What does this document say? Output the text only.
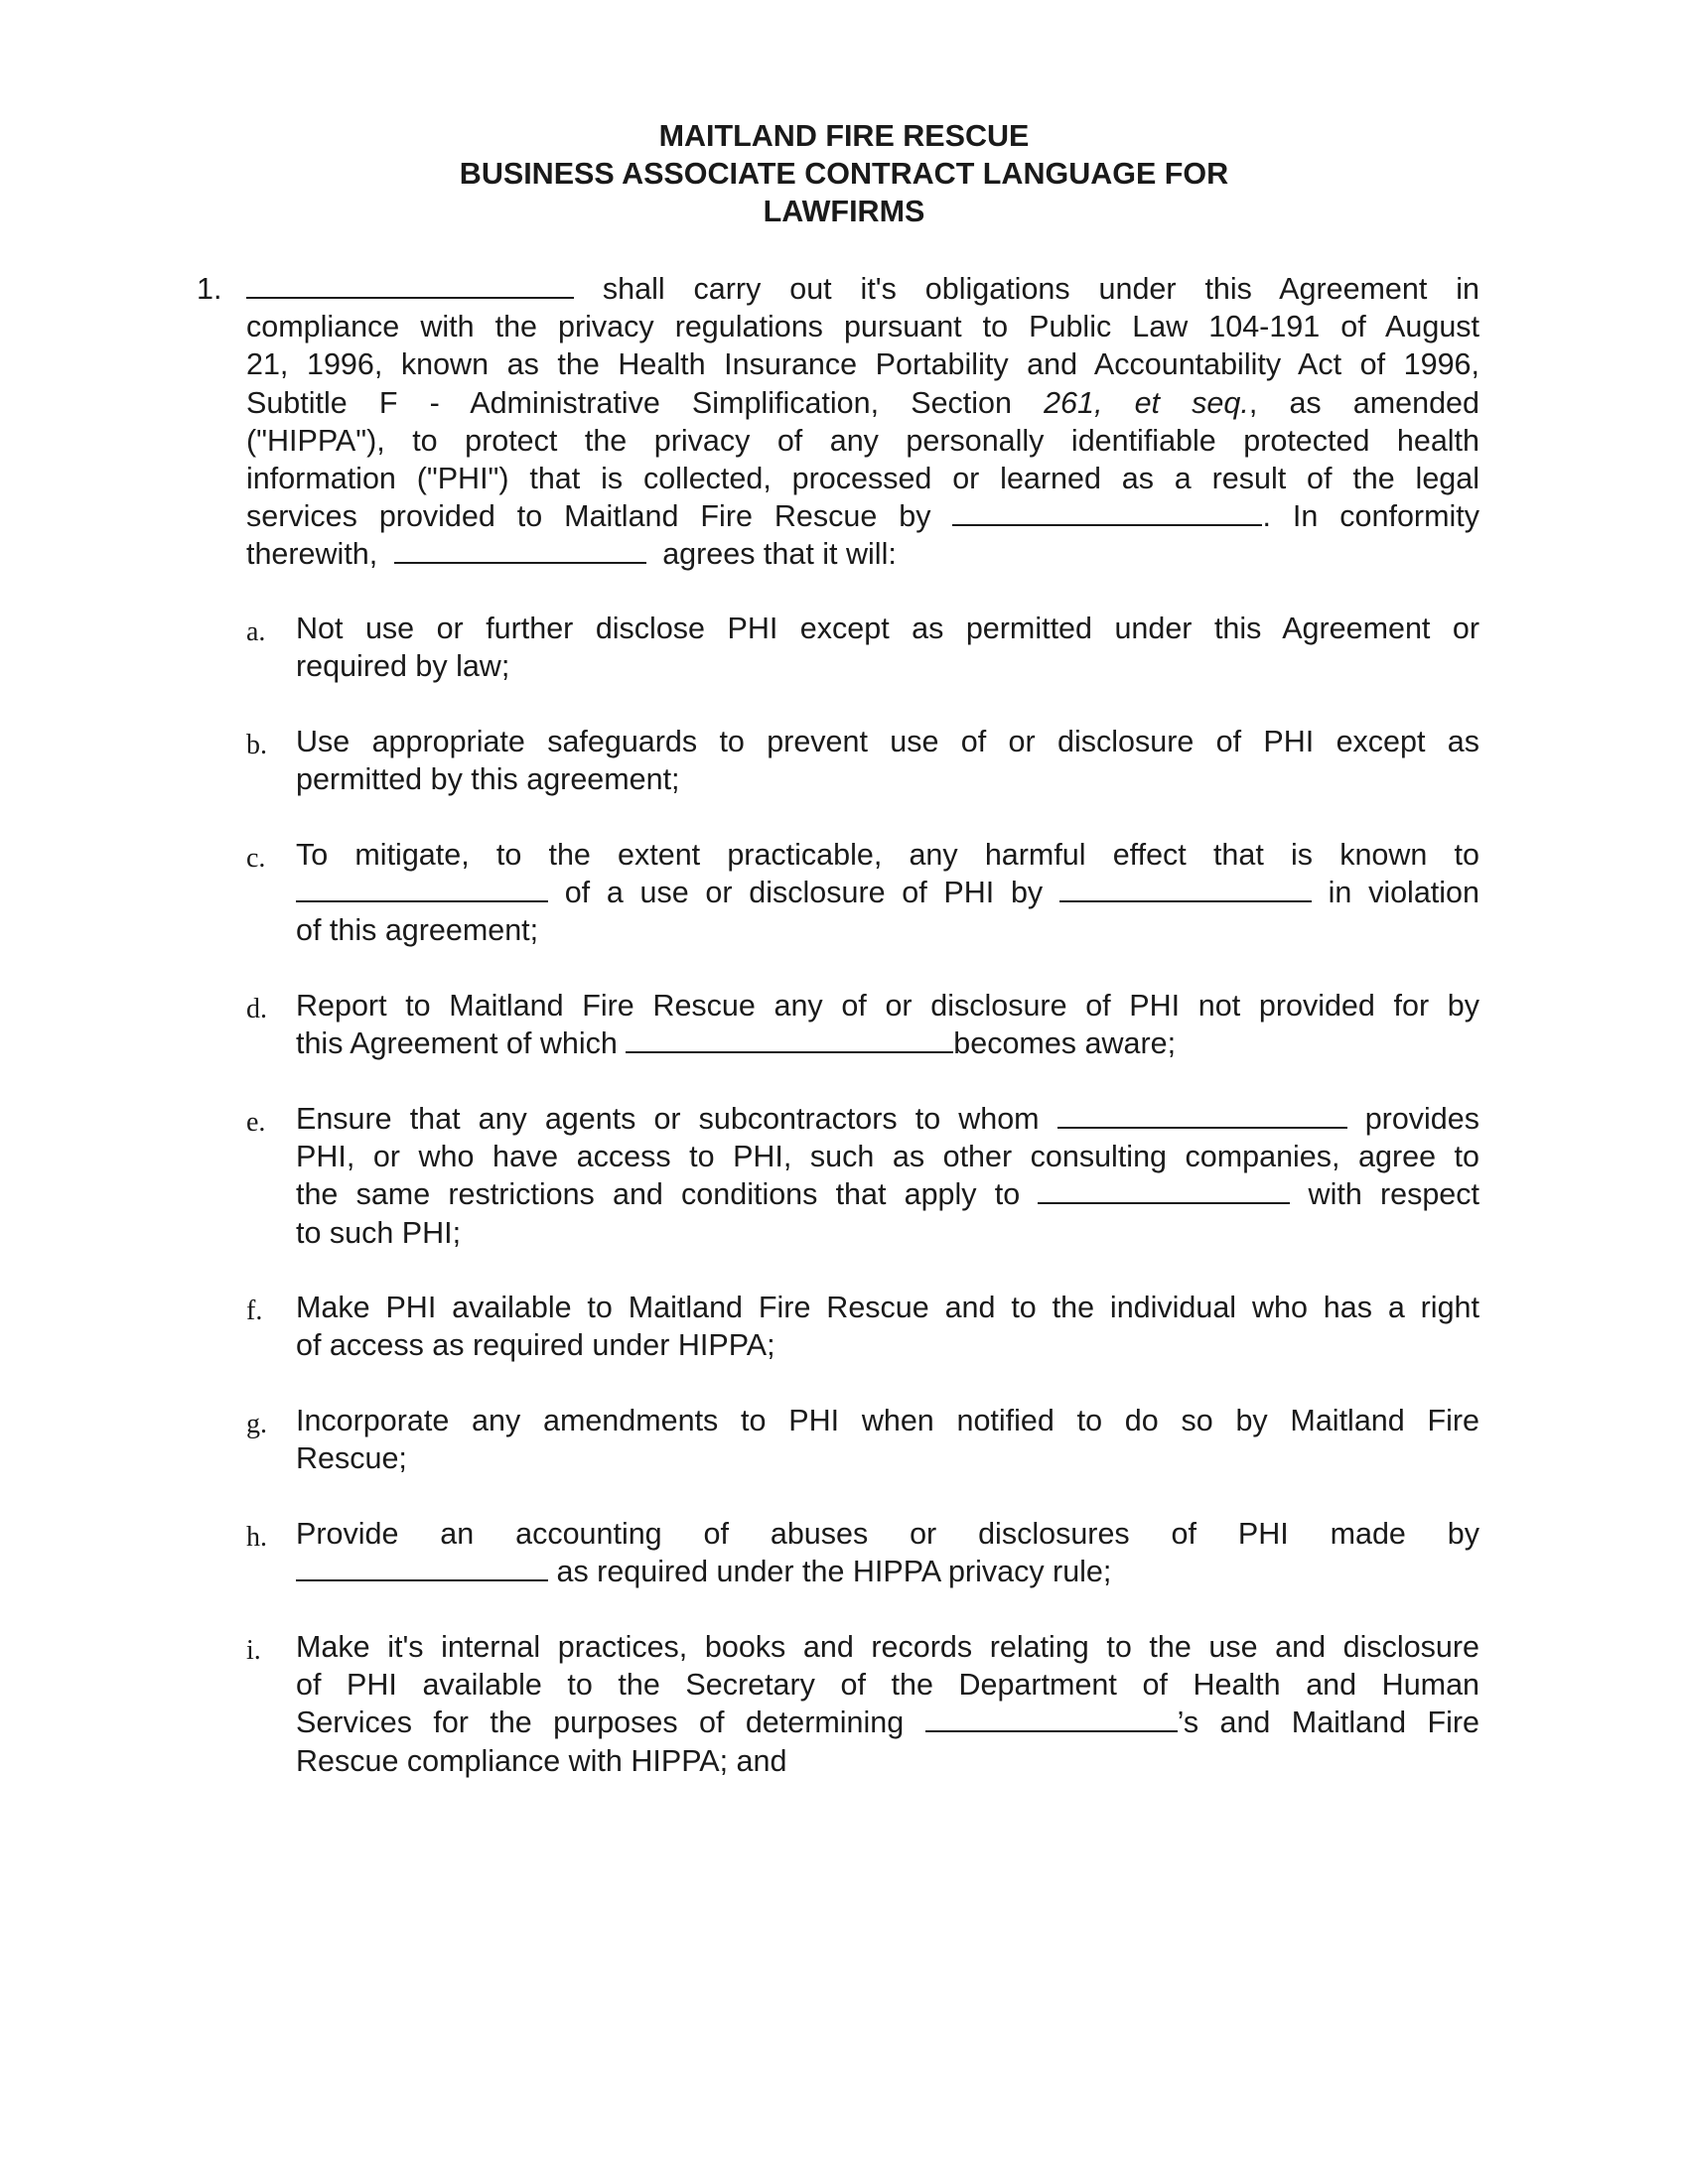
MAITLAND FIRE RESCUE
BUSINESS ASSOCIATE CONTRACT LANGUAGE FOR
LAWFIRMS
1.	shall carry out it's obligations under this Agreement in
compliance with the privacy regulations pursuant to Public Law 104-191 of August
21, 1996, known as the Health Insurance Portability and Accountability Act of 1996,
Subtitle F - Administrative Simplification, Section 261, et seq., as amended
("HIPPA"), to protect the privacy of any personally identifiable protected health
information ("PHI") that is collected, processed or learned as a result of the legal
services provided to Maitland Fire Rescue by	. In conformity
therewith,	agrees that it will:
a. Not use or further disclose PHI except as permitted under this Agreement or
required by law;
b. Use appropriate safeguards to prevent use of or disclosure of PHI except as
permitted by this agreement;
c. To mitigate, to the extent practicable, any harmful effect that is known to
of a use or disclosure of PHI by	in violation
of this agreement;
d. Report to Maitland Fire Rescue any of or disclosure of PHI not provided for by
this Agreement of which	becomes aware;
e. Ensure that any agents or subcontractors to whom	provides
PHI, or who have access to PHI, such as other consulting companies, agree to
the same restrictions and conditions that apply to	with respect
to such PHI;
f. Make PHI available to Maitland Fire Rescue and to the individual who has a right
of access as required under HIPPA;
g. Incorporate any amendments to PHI when notified to do so by Maitland Fire
Rescue;
h. Provide an accounting of abuses or disclosures of PHI made by
as required under the HIPPA privacy rule;
i. Make it's internal practices, books and records relating to the use and disclosure
of PHI available to the Secretary of the Department of Health and Human
Services for the purposes of determining	’s and Maitland Fire
Rescue compliance with HIPPA; and
